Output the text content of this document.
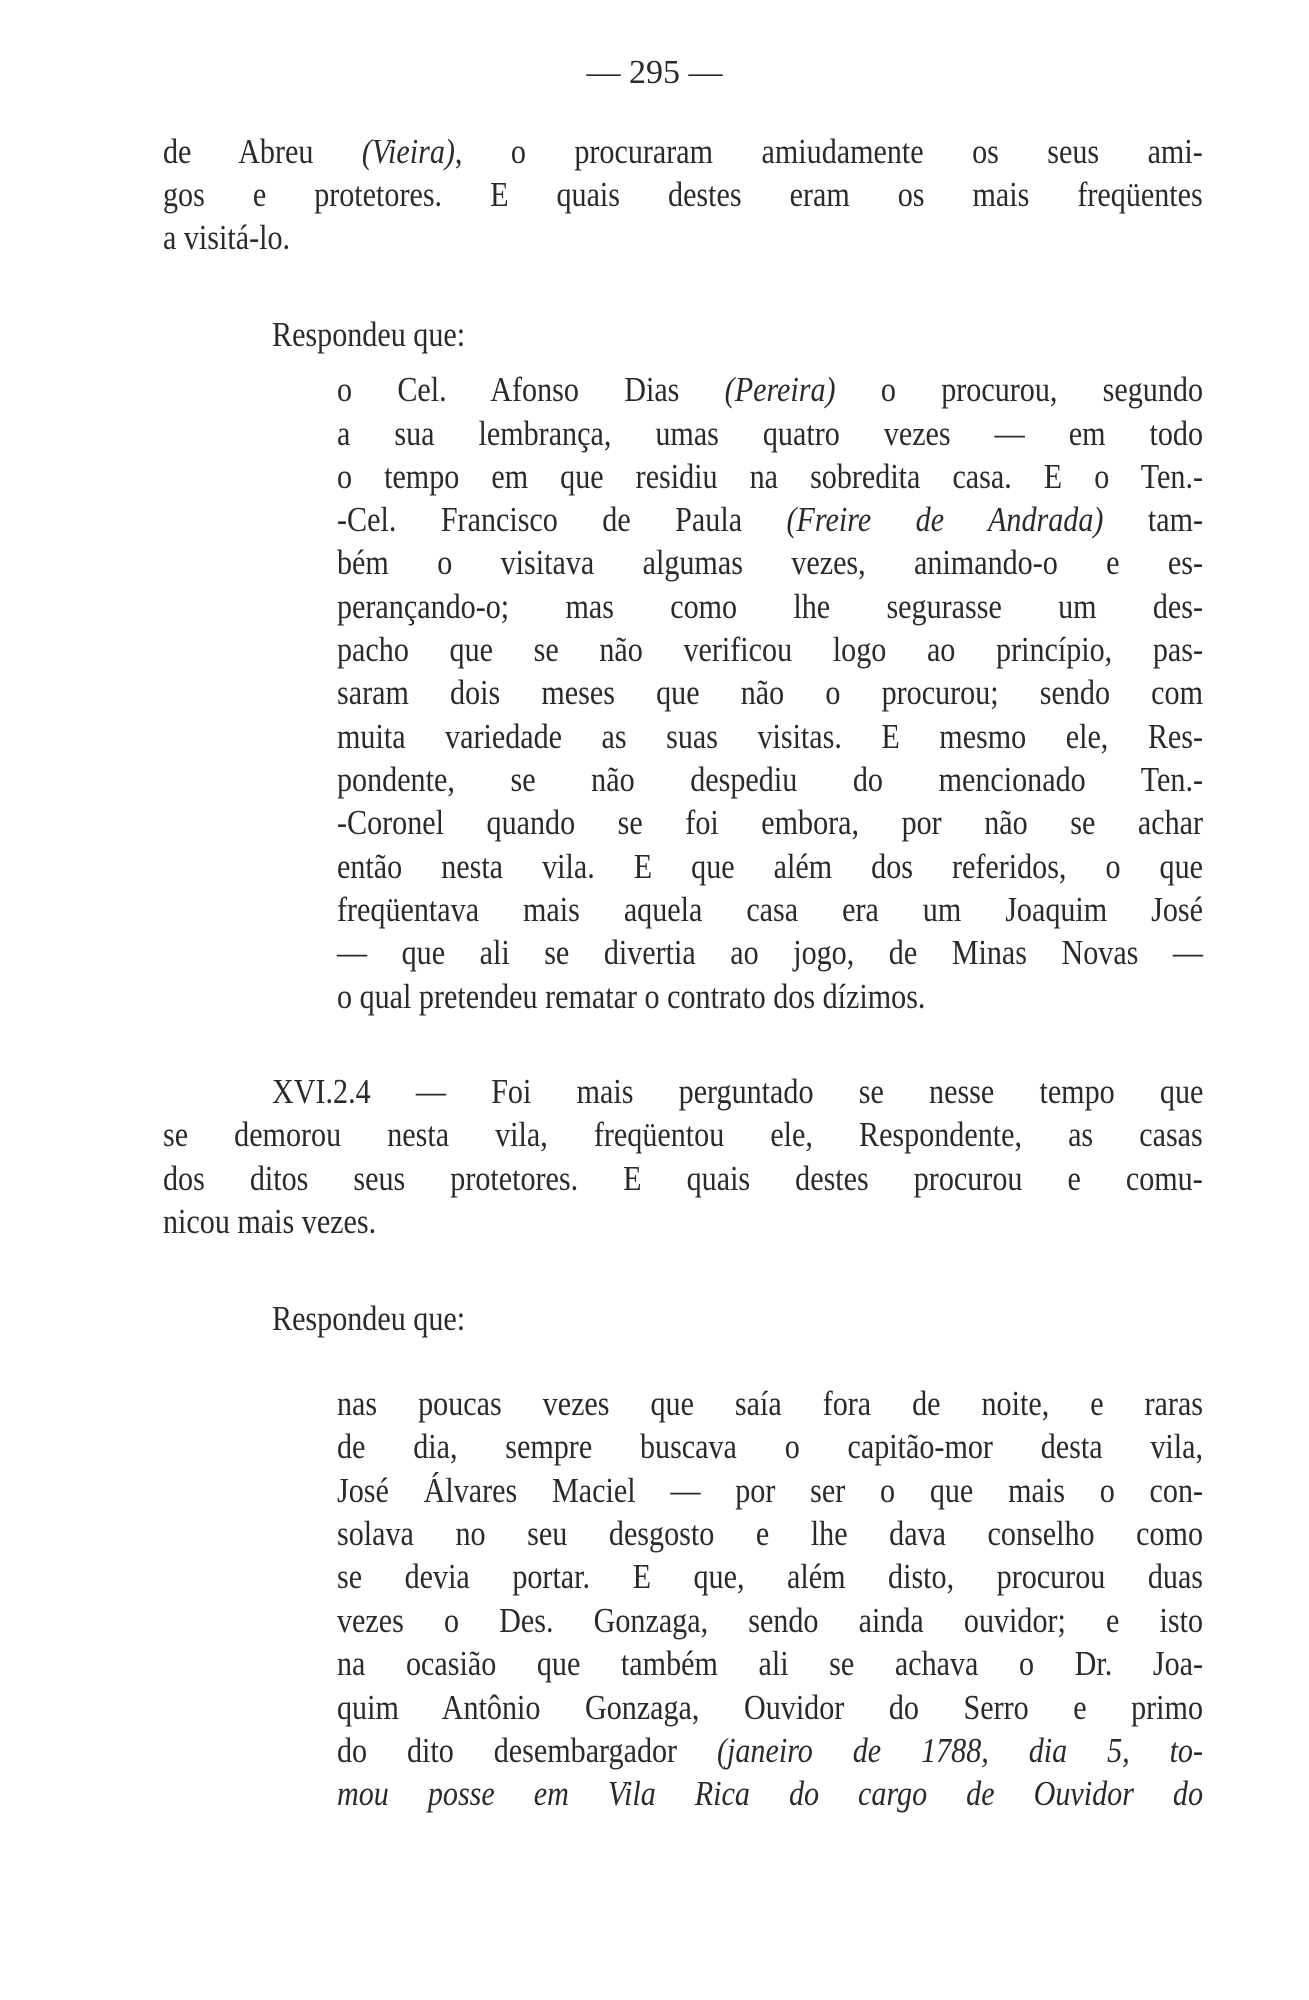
— 295 —
de Abreu (Vieira), o procuraram amiudamente os seus ami-
gos e protetores. E quais destes eram os mais freqüentes
a visitá-lo.
Respondeu que:
o Cel. Afonso Dias (Pereira) o procurou, segundo
a sua lembrança, umas quatro vezes — em todo
o tempo em que residiu na sobredita casa. E o Ten.-
-Cel. Francisco de Paula (Freire de Andrada) tam-
bém o visitava algumas vezes, animando-o e es-
perançando-o; mas como lhe segurasse um des-
pacho que se não verificou logo ao princípio, pas-
saram dois meses que não o procurou; sendo com
muita variedade as suas visitas. E mesmo ele, Res-
pondente, se não despediu do mencionado Ten.-
-Coronel quando se foi embora, por não se achar
então nesta vila. E que além dos referidos, o que
freqüentava mais aquela casa era um Joaquim José
— que ali se divertia ao jogo, de Minas Novas —
o qual pretendeu rematar o contrato dos dízimos.
XVI.2.4 — Foi mais perguntado se nesse tempo que
se demorou nesta vila, freqüentou ele, Respondente, as casas
dos ditos seus protetores. E quais destes procurou e comu-
nicou mais vezes.
Respondeu que:
nas poucas vezes que saía fora de noite, e raras
de dia, sempre buscava o capitão-mor desta vila,
José Álvares Maciel — por ser o que mais o con-
solava no seu desgosto e lhe dava conselho como
se devia portar. E que, além disto, procurou duas
vezes o Des. Gonzaga, sendo ainda ouvidor; e isto
na ocasião que também ali se achava o Dr. Joa-
quim Antônio Gonzaga, Ouvidor do Serro e primo
do dito desembargador (janeiro de 1788, dia 5, to-
mou posse em Vila Rica do cargo de Ouvidor do
